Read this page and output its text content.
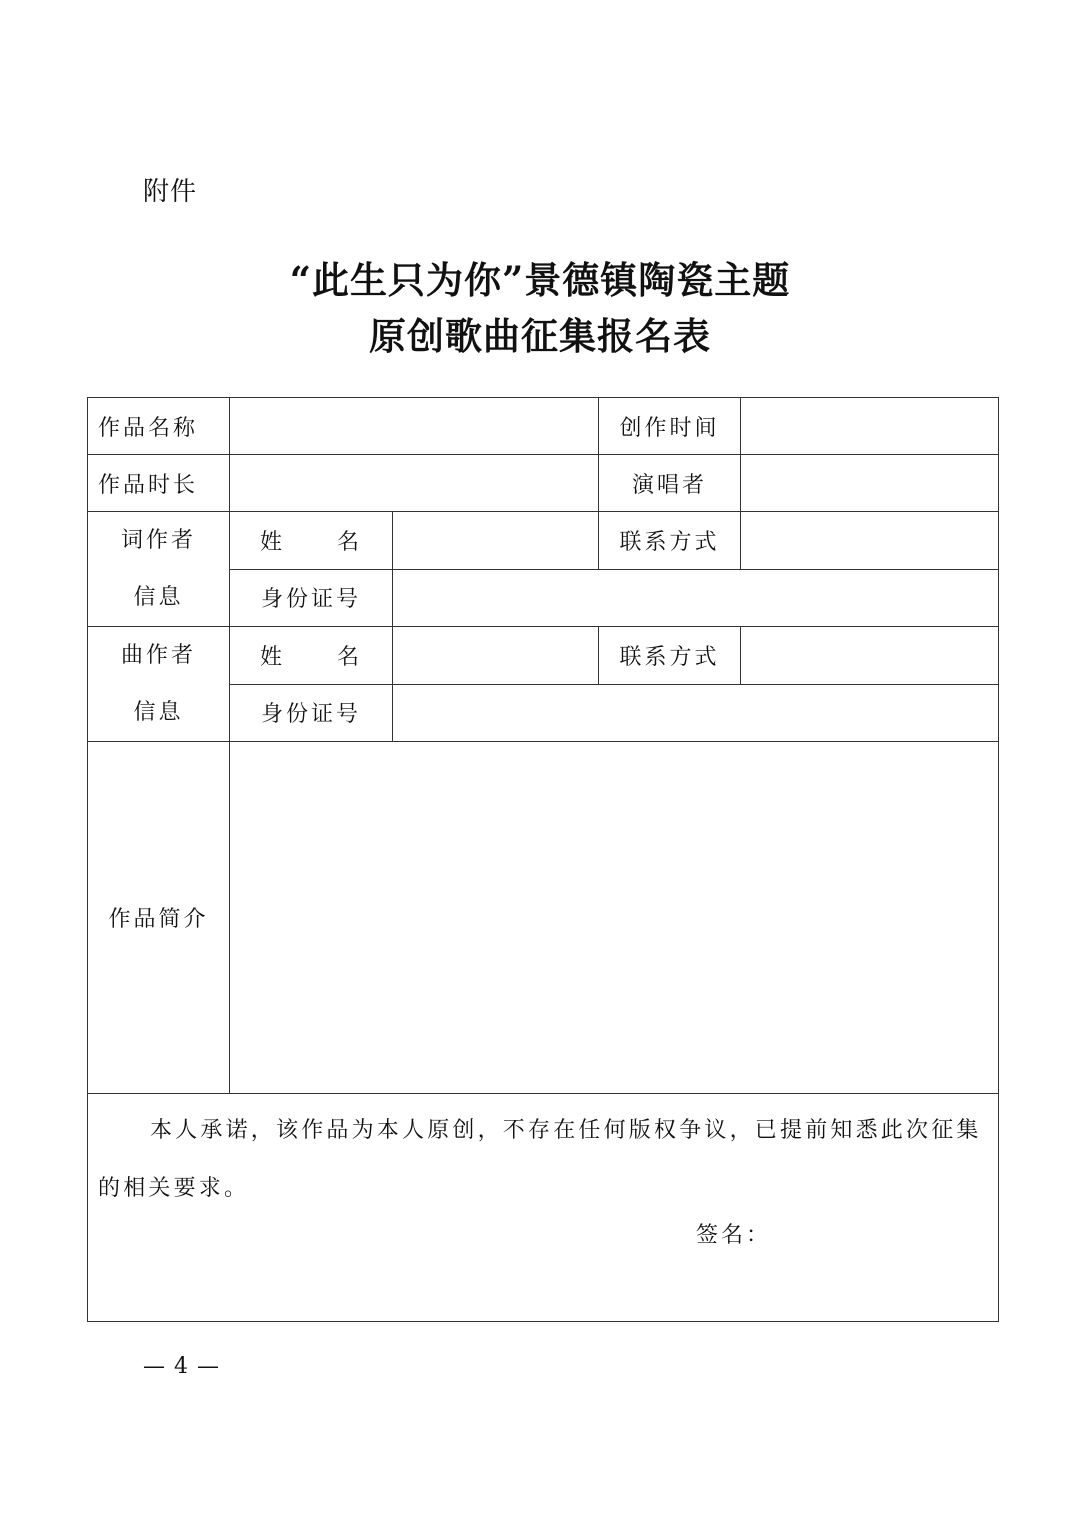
附件
“此生只为你”景德镇陶瓷主题
原创歌曲征集报名表
作品名称			创作时间	
作品时长			演唱者	

词作者
信息	姓 名		联系方式	
	身份证号			

曲作者
信息	姓 名		联系方式	
	身份证号			
作品简介				

本人承诺，该作品为本人原创，不存在任何版权争议，已提前知悉此次征集的相关要求。
签名：				
— 4 —
